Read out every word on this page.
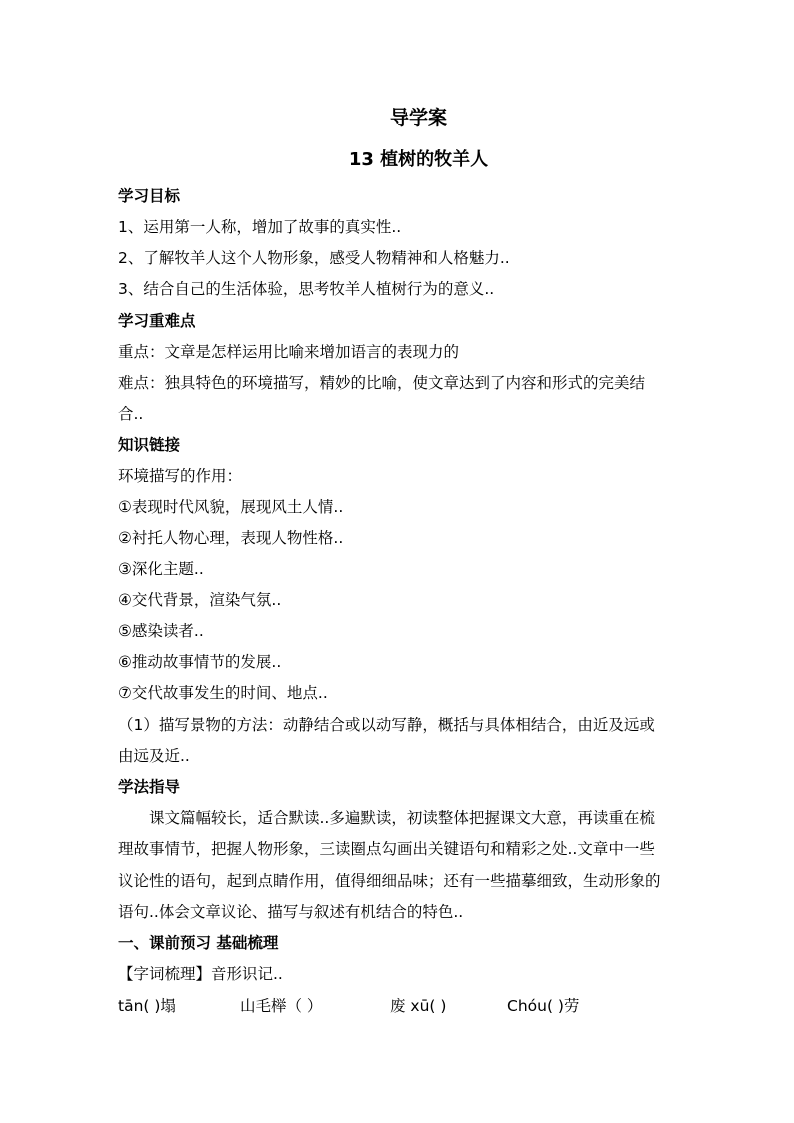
导学案
13 植树的牧羊人
学习目标
1、运用第一人称，增加了故事的真实性..
2、了解牧羊人这个人物形象，感受人物精神和人格魅力..
3、结合自己的生活体验，思考牧羊人植树行为的意义..
学习重难点
重点：文章是怎样运用比喻来增加语言的表现力的
难点：独具特色的环境描写，精妙的比喻，使文章达到了内容和形式的完美结
合..
知识链接
环境描写的作用：
①表现时代风貌，展现风土人情..
②衬托人物心理，表现人物性格..
③深化主题..
④交代背景，渲染气氛..
⑤感染读者..
⑥推动故事情节的发展..
⑦交代故事发生的时间、地点..
（1）描写景物的方法：动静结合或以动写静，概括与具体相结合，由近及远或
由远及近..
学法指导
课文篇幅较长，适合默读..多遍默读，初读整体把握课文大意，再读重在梳
理故事情节，把握人物形象，三读圈点勾画出关键语句和精彩之处..文章中一些
议论性的语句，起到点睛作用，值得细细品味；还有一些描摹细致，生动形象的
语句..体会文章议论、描写与叙述有机结合的特色..
一、课前预习 基础梳理
【字词梳理】音形识记..
tān( )塌	山毛榉（ ）	废 xū( )	Chóu( )劳
